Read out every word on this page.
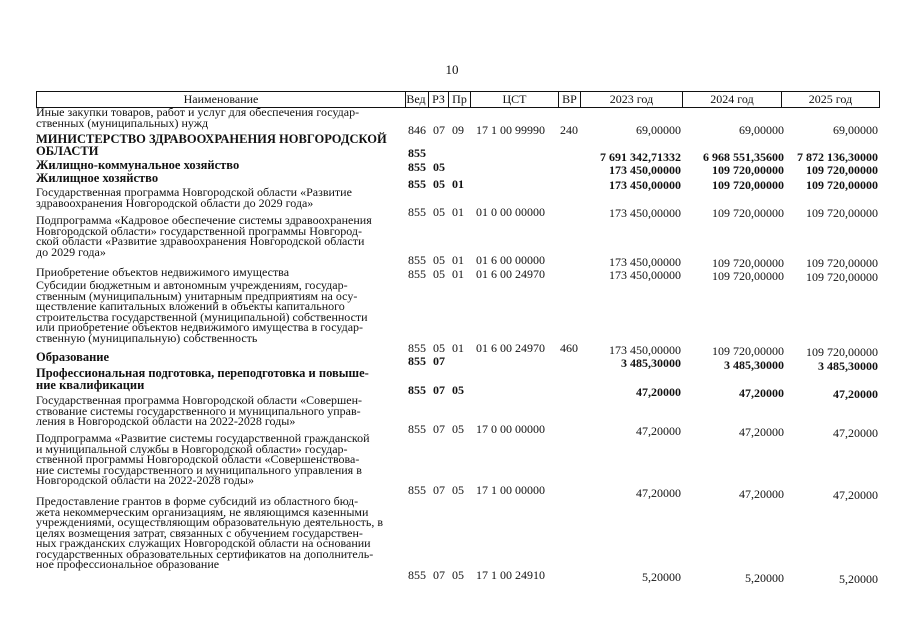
10
Наименование	Вед РЗ Пр	ЦСТ	ВР	2023 год	2024 год	2025 год
Иные закупки товаров, работ и услуг для обеспечения государ-
ственных (муниципальных) нужд
846 07 09	17 1 00 99990	240	69,00000	69,00000	69,00000
МИНИСТЕРСТВО ЗДРАВООХРАНЕНИЯ НОВГОРОДСКОЙ
ОБЛАСТИ	855	7 691 342,71332	6 968 551,35600	7 872 136,30000
Жилищно-коммунальное хозяйство	855 05	173 450,00000	109 720,00000	109 720,00000
Жилищное хозяйство	855 05 01	173 450,00000	109 720,00000	109 720,00000
Государственная программа Новгородской области «Развитие
здравоохранения Новгородской области до 2029 года»
855 05 01	01 0 00 00000	173 450,00000	109 720,00000	109 720,00000
Подпрограмма «Кадровое обеспечение системы здравоохранения
Новгородской области» государственной программы Новгород-
ской области «Развитие здравоохранения Новгородской области
до 2029 года»
855 05 01	01 6 00 00000	173 450,00000	109 720,00000	109 720,00000
Приобретение объектов недвижимого имущества	855 05 01	01 6 00 24970	173 450,00000	109 720,00000	109 720,00000
Субсидии бюджетным и автономным учреждениям, государ-
ственным (муниципальным) унитарным предприятиям на осу-
ществление капитальных вложений в объекты капитального
строительства государственной (муниципальной) собственности
или приобретение объектов недвижимого имущества в государ-
ственную (муниципальную) собственность
855 05 01	01 6 00 24970	460	173 450,00000	109 720,00000	109 720,00000
Образование	855 07	3 485,30000	3 485,30000	3 485,30000
Профессиональная подготовка, переподготовка и повыше-
ние квалификации	855 07 05	47,20000	47,20000	47,20000
Государственная программа Новгородской области «Совершен-
ствование системы государственного и муниципального управ-
ления в Новгородской области на 2022-2028 годы»
855 07 05	17 0 00 00000	47,20000	47,20000	47,20000
Подпрограмма «Развитие системы государственной гражданской
и муниципальной службы в Новгородской области» государ-
ственной программы Новгородской области «Совершенствова-
ние системы государственного и муниципального управления в
Новгородской области на 2022-2028 годы»
855 07 05	17 1 00 00000	47,20000	47,20000	47,20000
Предоставление грантов в форме субсидий из областного бюд-
жета некоммерческим организациям, не являющимся казенными
учреждениями, осуществляющим образовательную деятельность, в
целях возмещения затрат, связанных с обучением государствен-
ных гражданских служащих Новгородской области на основании
государственных образовательных сертификатов на дополнитель-
ное профессиональное образование
855 07 05	17 1 00 24910	5,20000	5,20000	5,20000
